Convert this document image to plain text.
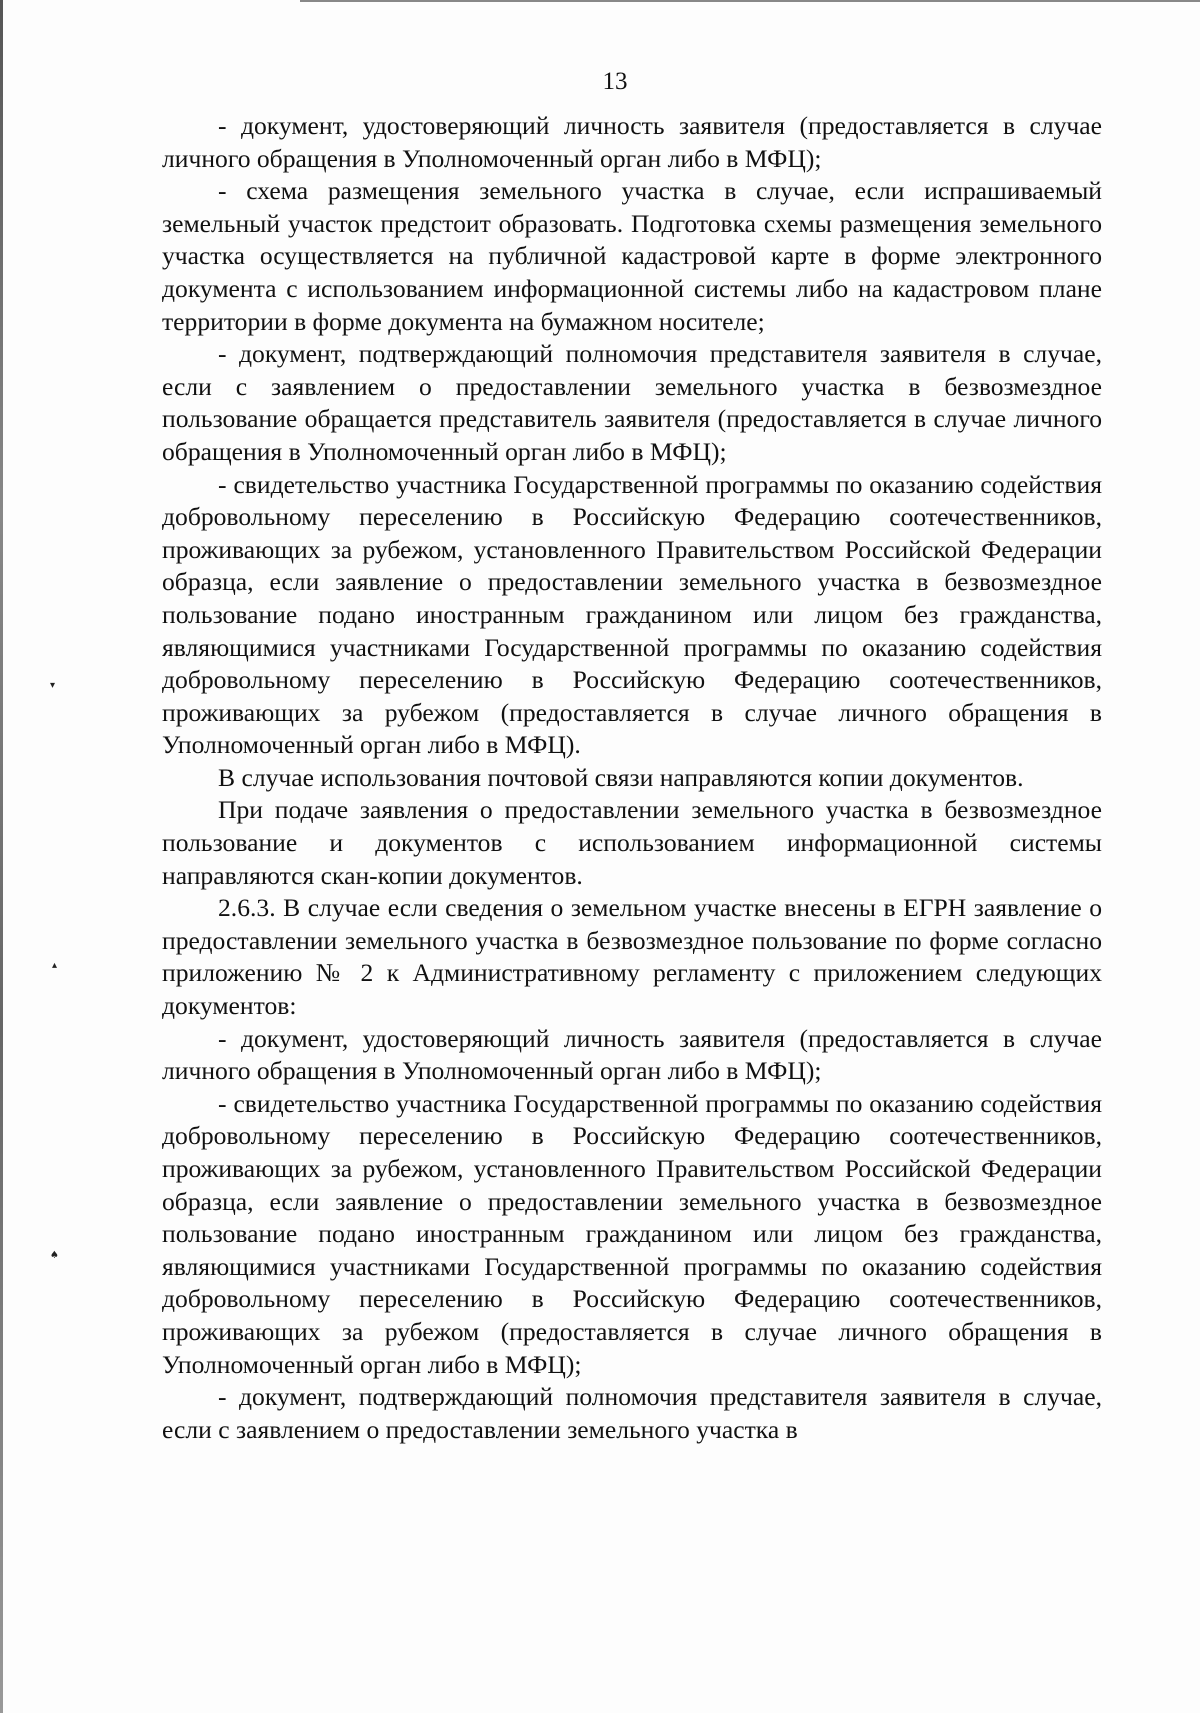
13

- документ, удостоверяющий личность заявителя (предоставляется в случае личного обращения в Уполномоченный орган либо в МФЦ);

- схема размещения земельного участка в случае, если испрашиваемый земельный участок предстоит образовать. Подготовка схемы размещения земельного участка осуществляется на публичной кадастровой карте в форме электронного документа с использованием информационной системы либо на кадастровом плане территории в форме документа на бумажном носителе;

- документ, подтверждающий полномочия представителя заявителя в случае, если с заявлением о предоставлении земельного участка в безвозмездное пользование обращается представитель заявителя (предоставляется в случае личного обращения в Уполномоченный орган либо в МФЦ);

- свидетельство участника Государственной программы по оказанию содействия добровольному переселению в Российскую Федерацию соотечественников, проживающих за рубежом, установленного Правительством Российской Федерации образца, если заявление о предоставлении земельного участка в безвозмездное пользование подано иностранным гражданином или лицом без гражданства, являющимися участниками Государственной программы по оказанию содействия добровольному переселению в Российскую Федерацию соотечественников, проживающих за рубежом (предоставляется в случае личного обращения в Уполномоченный орган либо в МФЦ).

В случае использования почтовой связи направляются копии документов.

При подаче заявления о предоставлении земельного участка в безвозмездное пользование и документов с использованием информационной системы направляются скан-копии документов.

2.6.3. В случае если сведения о земельном участке внесены в ЕГРН заявление о предоставлении земельного участка в безвозмездное пользование по форме согласно приложению № 2 к Административному регламенту с приложением следующих документов:

- документ, удостоверяющий личность заявителя (предоставляется в случае личного обращения в Уполномоченный орган либо в МФЦ);

- свидетельство участника Государственной программы по оказанию содействия добровольному переселению в Российскую Федерацию соотечественников, проживающих за рубежом, установленного Правительством Российской Федерации образца, если заявление о предоставлении земельного участка в безвозмездное пользование подано иностранным гражданином или лицом без гражданства, являющимися участниками Государственной программы по оказанию содействия добровольному переселению в Российскую Федерацию соотечественников, проживающих за рубежом (предоставляется в случае личного обращения в Уполномоченный орган либо в МФЦ);

- документ, подтверждающий полномочия представителя заявителя в случае, если с заявлением о предоставлении земельного участка в

▾
▴
♠
